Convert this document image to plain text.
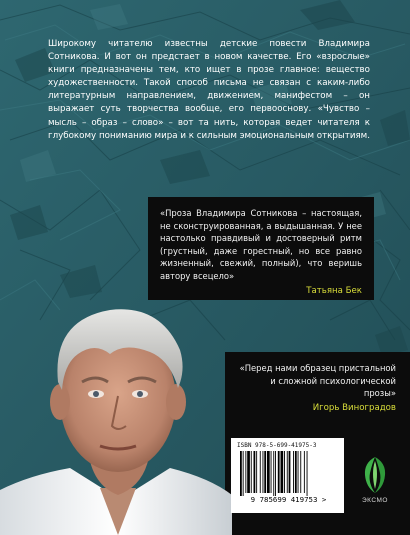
Широкому читателю известны детские повести Владимира Сотникова. И вот он предстает в новом качестве. Его «взрослые» книги предназначены тем, кто ищет в прозе главное: вещество художественности. Такой способ письма не связан с каким-либо литературным направлением, движением, манифестом – он выражает суть творчества вообще, его первооснову. «Чувство – мысль – образ – слово» – вот та нить, которая ведет читателя к глубокому пониманию мира и к сильным эмоциональным открытиям.

«Проза Владимира Сотникова – настоящая, не сконструированная, а выдышанная. У нее настолько правдивый и достоверный ритм (грустный, даже горестный, но все равно жизненный, свежий, полный), что веришь автору всецело»

Татьяна Бек

«Перед нами образец пристальной и сложной психологической прозы»

Игорь Виноградов

ISBN 978-5-699-41975-3

9 785699 419753 >	ЭКСМО
